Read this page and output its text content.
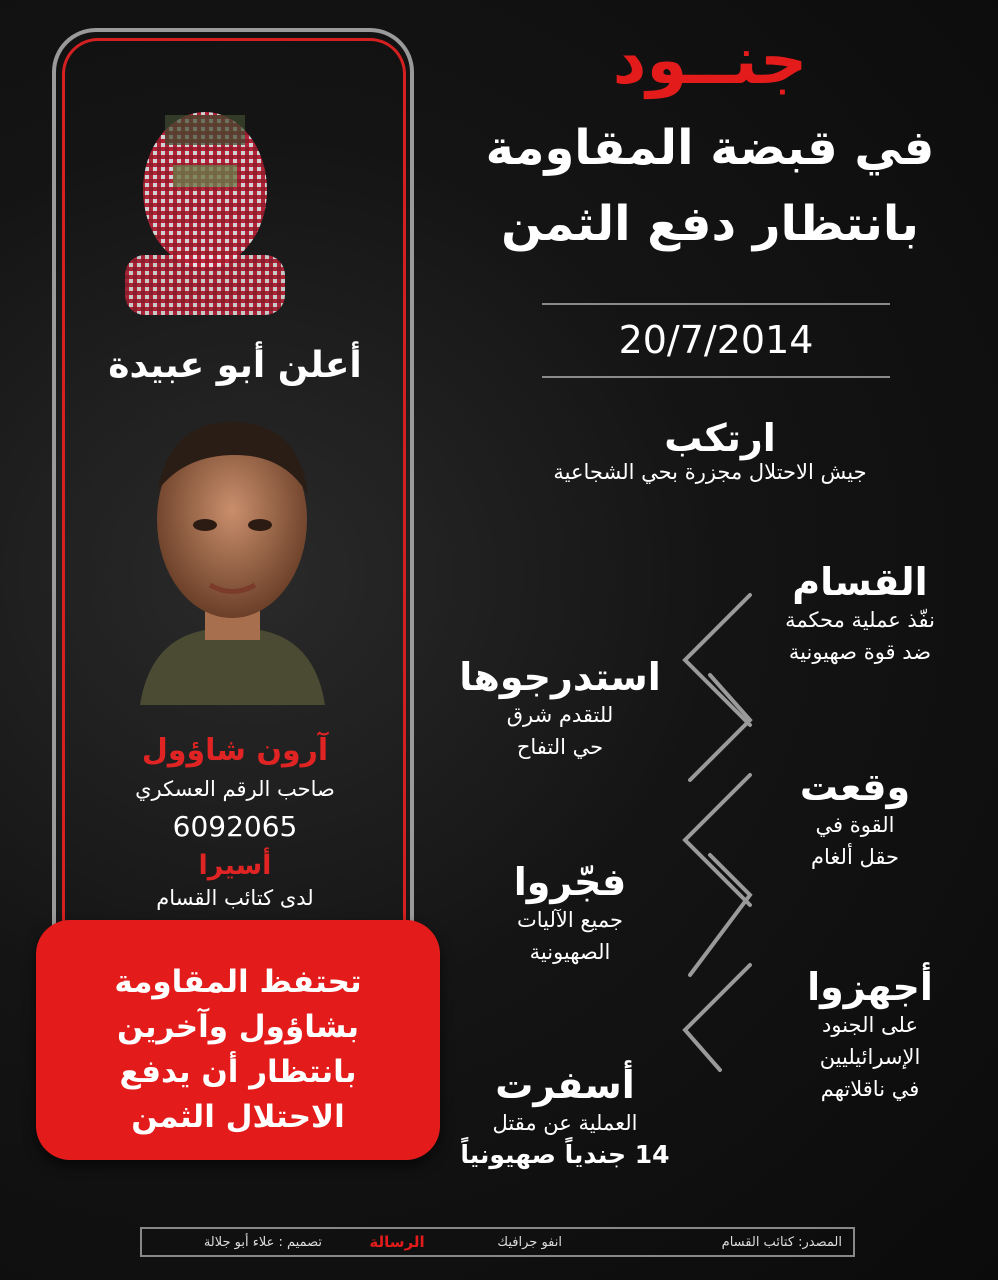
أعلن أبو عبيدة
آرون شاؤول
صاحب الرقم العسكري
6092065
أسيرا
لدى كتائب القسام
تحتفظ المقاومة
بشاؤول وآخرين
بانتظار أن يدفع
الاحتلال الثمن
جنــود
في قبضة المقاومة
بانتظار دفع الثمن
20/7/2014
ارتكب
جيش الاحتلال مجزرة بحي الشجاعية
القسام
نفّذ عملية محكمة
ضد قوة صهيونية
وقعت
القوة في
حقل ألغام
أجهزوا
على الجنود
الإسرائيليين
في ناقلاتهم
استدرجوها
للتقدم شرق
حي التفاح
فجّروا
جميع الآليات
الصهيونية
أسفرت
العملية عن مقتل
14 جندياً صهيونياً
المصدر: كتائب القسام
انفو جرافيك
الرسالة
تصميم : علاء أبو جلالة
